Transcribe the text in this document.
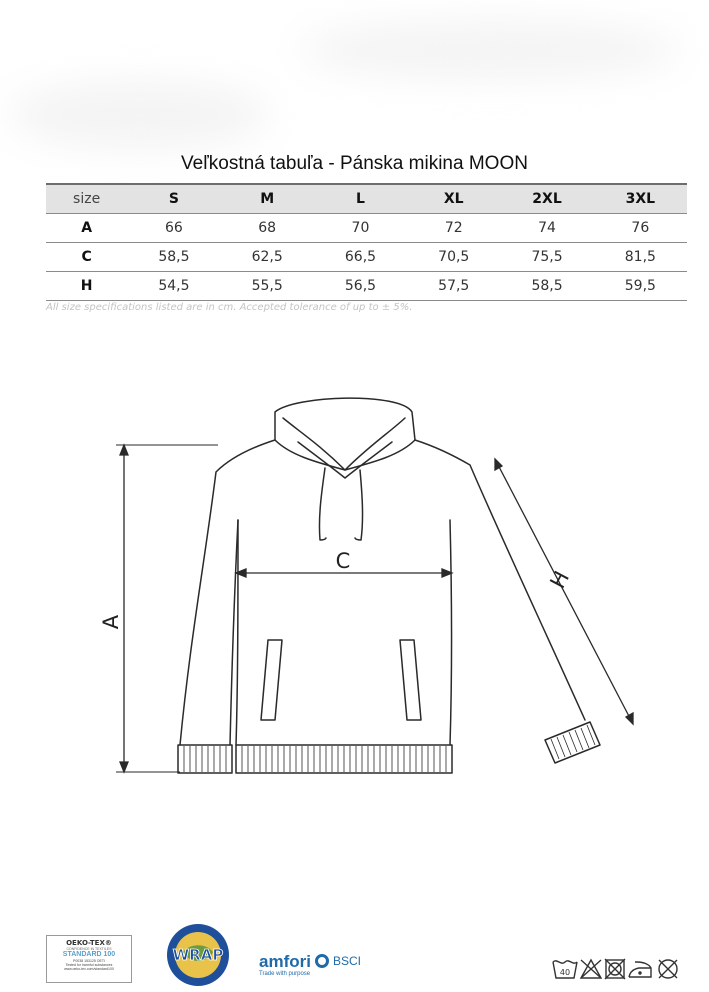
Veľkostná tabuľa - Pánska mikina MOON
size	S	M	L	XL	2XL	3XL
A	66	68	70	72	74	76
C	58,5	62,5	66,5	70,5	75,5	81,5
H	54,5	55,5	56,5	57,5	58,5	59,5
All size specifications listed are in cm. Accepted tolerance of up to ± 5%.
A
C
H
OEKO-TEX®
CONFIDENCE IN TEXTILES
STANDARD 100
P0038 153125 OETI
Tested for harmful substances
www.oeko-tex.com/standard100
WRAP amfori BSCI
Trade with purpose	40
